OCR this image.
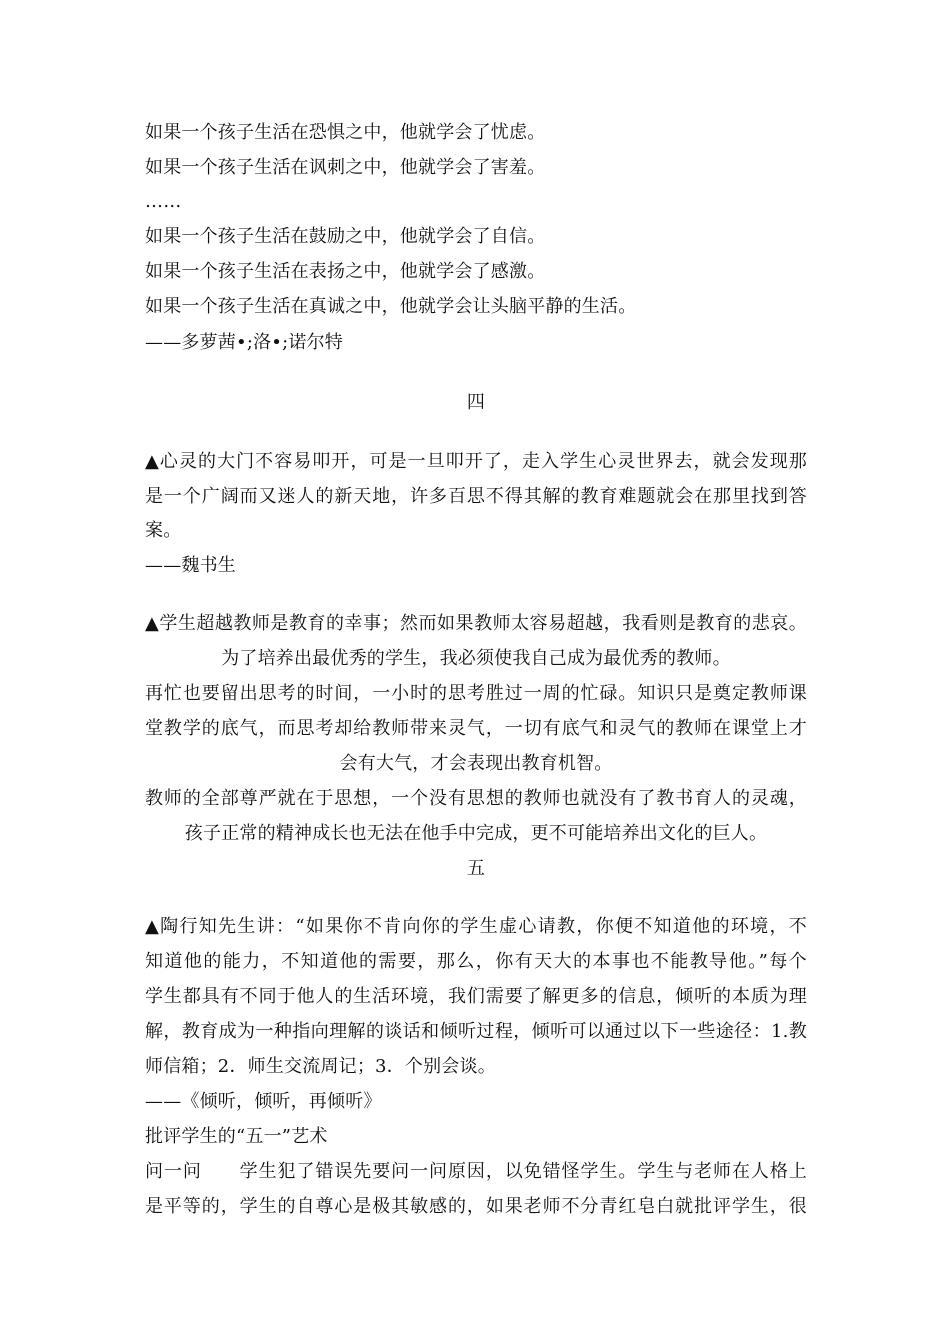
如果一个孩子生活在恐惧之中，他就学会了忧虑。
如果一个孩子生活在讽刺之中，他就学会了害羞。
……
如果一个孩子生活在鼓励之中，他就学会了自信。
如果一个孩子生活在表扬之中，他就学会了感激。
如果一个孩子生活在真诚之中，他就学会让头脑平静的生活。
——多萝茜•;洛•;诺尔特
四
▲心灵的大门不容易叩开，可是一旦叩开了，走入学生心灵世界去，就会发现那
是一个广阔而又迷人的新天地，许多百思不得其解的教育难题就会在那里找到答
案。
——魏书生
▲学生超越教师是教育的幸事；然而如果教师太容易超越，我看则是教育的悲哀。
为了培养出最优秀的学生，我必须使我自己成为最优秀的教师。
再忙也要留出思考的时间，一小时的思考胜过一周的忙碌。知识只是奠定教师课
堂教学的底气，而思考却给教师带来灵气，一切有底气和灵气的教师在课堂上才
会有大气，才会表现出教育机智。
教师的全部尊严就在于思想，一个没有思想的教师也就没有了教书育人的灵魂，
孩子正常的精神成长也无法在他手中完成，更不可能培养出文化的巨人。
五
▲陶行知先生讲：“如果你不肯向你的学生虚心请教，你便不知道他的环境，不
知道他的能力，不知道他的需要，那么，你有天大的本事也不能教导他。”每个
学生都具有不同于他人的生活环境，我们需要了解更多的信息，倾听的本质为理
解，教育成为一种指向理解的谈话和倾听过程，倾听可以通过以下一些途径：1.教
师信箱；2．师生交流周记；3．个别会谈。
——《倾听，倾听，再倾听》
批评学生的“五一”艺术
问一问　　学生犯了错误先要问一问原因，以免错怪学生。学生与老师在人格上
是平等的，学生的自尊心是极其敏感的，如果老师不分青红皂白就批评学生，很
